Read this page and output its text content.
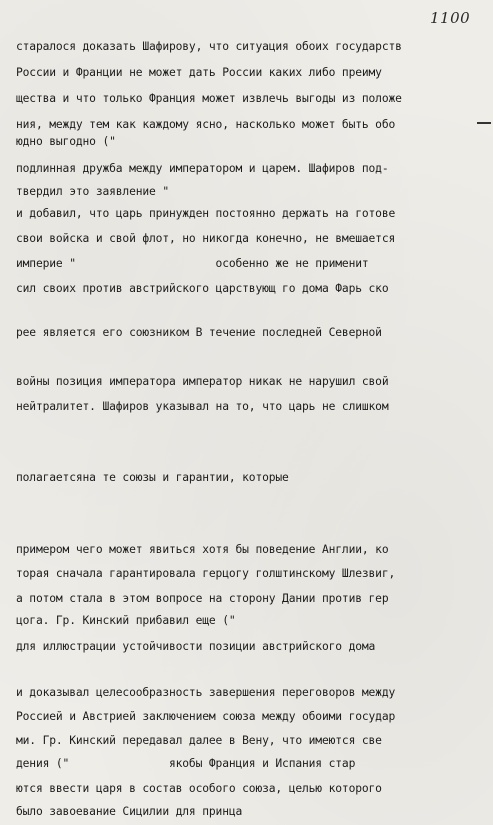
1100
старалося доказать Шафирову, что ситуация обоих государств
России и Франции не может дать России каких либо преиму
щества и что только Франция может извлечь выгоды из положе
ния, между тем как каждому ясно, насколько может быть обо
юдно выгодно ("
подлинная дружба между императором и царем. Шафиров под-
твердил это заявление "
и добавил, что царь принужден постоянно держать на готове
свои войска и свой флот, но никогда конечно, не вмешается
империе "                     особенно же не применит
сил своих против австрийского царствующ го дома Фарь ско
рее является его союзником В течение последней Северной
войны позиция императора император никак не нарушил свой
нейтралитет. Шафиров указывал на то, что царь не слишком
полагаетсяна те союзы и гарантии, которые
примером чего может явиться хотя бы поведение Англии, ко
торая сначала гарантировала герцогу голштинскому Шлезвиг,
а потом стала в этом вопросе на сторону Дании против гер
цога. Гр. Кинский прибавил еще ("
для иллюстрации устойчивости позиции австрийского дома
и доказывал целесообразность завершения переговоров между
Россией и Австрией заключением союза между обоими государ
ми. Гр. Кинский передавал далее в Вену, что имеются све
дения ("               якобы Франция и Испания стар
ются ввести царя в состав особого союза, целью которого
было завоевание Сицилии для принца
